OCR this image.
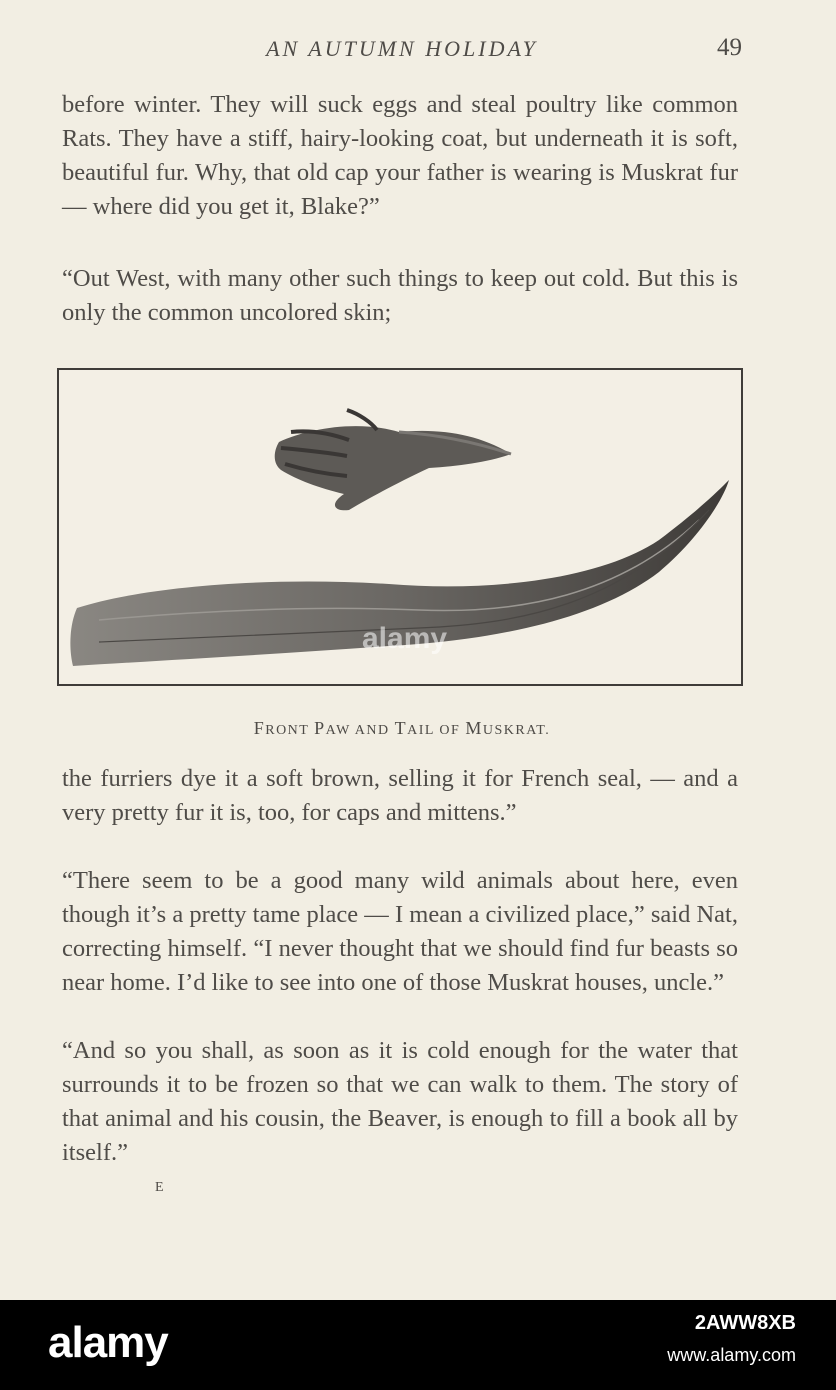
AN AUTUMN HOLIDAY	49

before winter. They will suck eggs and steal poultry like common Rats. They have a stiff, hairy-looking coat, but underneath it is soft, beautiful fur. Why, that old cap your father is wearing is Muskrat fur — where did you get it, Blake?”

“Out West, with many other such things to keep out cold. But this is only the common uncolored skin;

FRONT PAW AND TAIL OF MUSKRAT.

the furriers dye it a soft brown, selling it for French seal, — and a very pretty fur it is, too, for caps and mittens.”

“There seem to be a good many wild animals about here, even though it’s a pretty tame place — I mean a civilized place,” said Nat, correcting himself. “I never thought that we should find fur beasts so near home. I’d like to see into one of those Muskrat houses, uncle.”

“And so you shall, as soon as it is cold enough for the water that surrounds it to be frozen so that we can walk to them. The story of that animal and his cousin, the Beaver, is enough to fill a book all by itself.”

E
alamy
alamy	2AWW8XB
www.alamy.com
